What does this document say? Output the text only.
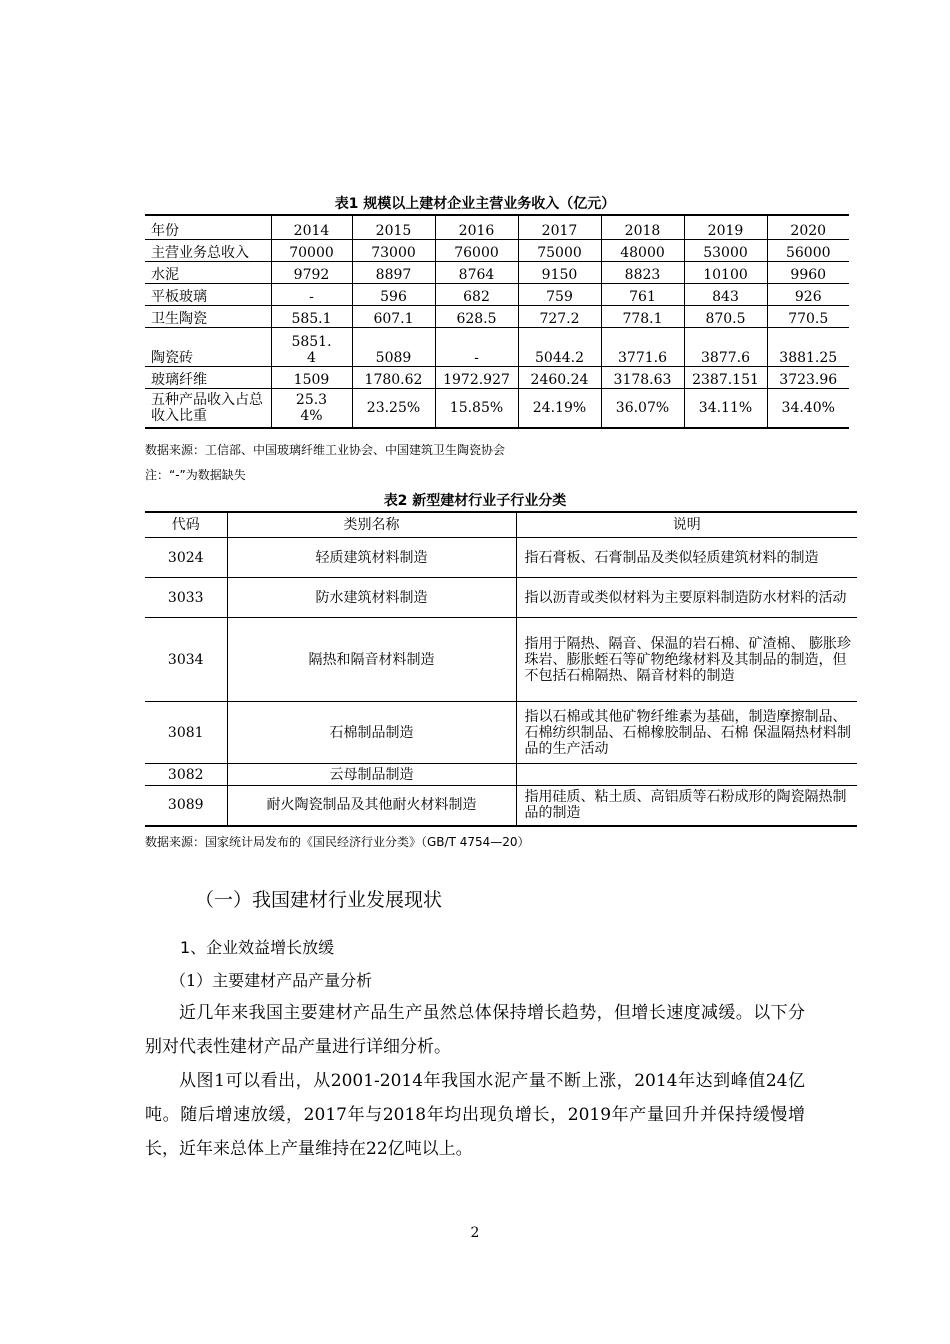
表1 规模以上建材企业主营业务收入（亿元）
年份	2014	2015	2016	2017	2018	2019	2020
主营业务总收入	70000	73000	76000	75000	48000	53000	56000
水泥	9792	8897	8764	9150	8823	10100	9960
平板玻璃	-	596	682	759	761	843	926
卫生陶瓷	585.1	607.1	628.5	727.2	778.1	870.5	770.5
陶瓷砖	5851.4	5089	-	5044.2	3771.6	3877.6	3881.25
玻璃纤维	1509	1780.62	1972.927	2460.24	3178.63	2387.151	3723.96
五种产品收入占总收入比重	25.34%	23.25%	15.85%	24.19%	36.07%	34.11%	34.40%
数据来源：工信部、中国玻璃纤维工业协会、中国建筑卫生陶瓷协会
注：“-”为数据缺失
表2 新型建材行业子行业分类
代码	类别名称	说明
3024	轻质建筑材料制造	指石膏板、石膏制品及类似轻质建筑材料的制造
3033	防水建筑材料制造	指以沥青或类似材料为主要原料制造防水材料的活动
3034	隔热和隔音材料制造	指用于隔热、隔音、保温的岩石棉、矿渣棉、 膨胀珍珠岩、膨胀蛭石等矿物绝缘材料及其制品的制造，但不包括石棉隔热、隔音材料的制造
3081	石棉制品制造	指以石棉或其他矿物纤维素为基础，制造摩擦制品、石棉纺织制品、石棉橡胶制品、石棉 保温隔热材料制品的生产活动
3082	云母制品制造	
3089	耐火陶瓷制品及其他耐火材料制造	指用硅质、粘土质、高铝质等石粉成形的陶瓷隔热制品的制造
数据来源：国家统计局发布的《国民经济行业分类》（GB/T 4754—20）
（一）我国建材行业发展现状
1、企业效益增长放缓
（1）主要建材产品产量分析
近几年来我国主要建材产品生产虽然总体保持增长趋势，但增长速度减缓。以下分别对代表性建材产品产量进行详细分析。
从图1可以看出，从2001-2014年我国水泥产量不断上涨，2014年达到峰值24亿吨。随后增速放缓，2017年与2018年均出现负增长，2019年产量回升并保持缓慢增长，近年来总体上产量维持在22亿吨以上。
2
